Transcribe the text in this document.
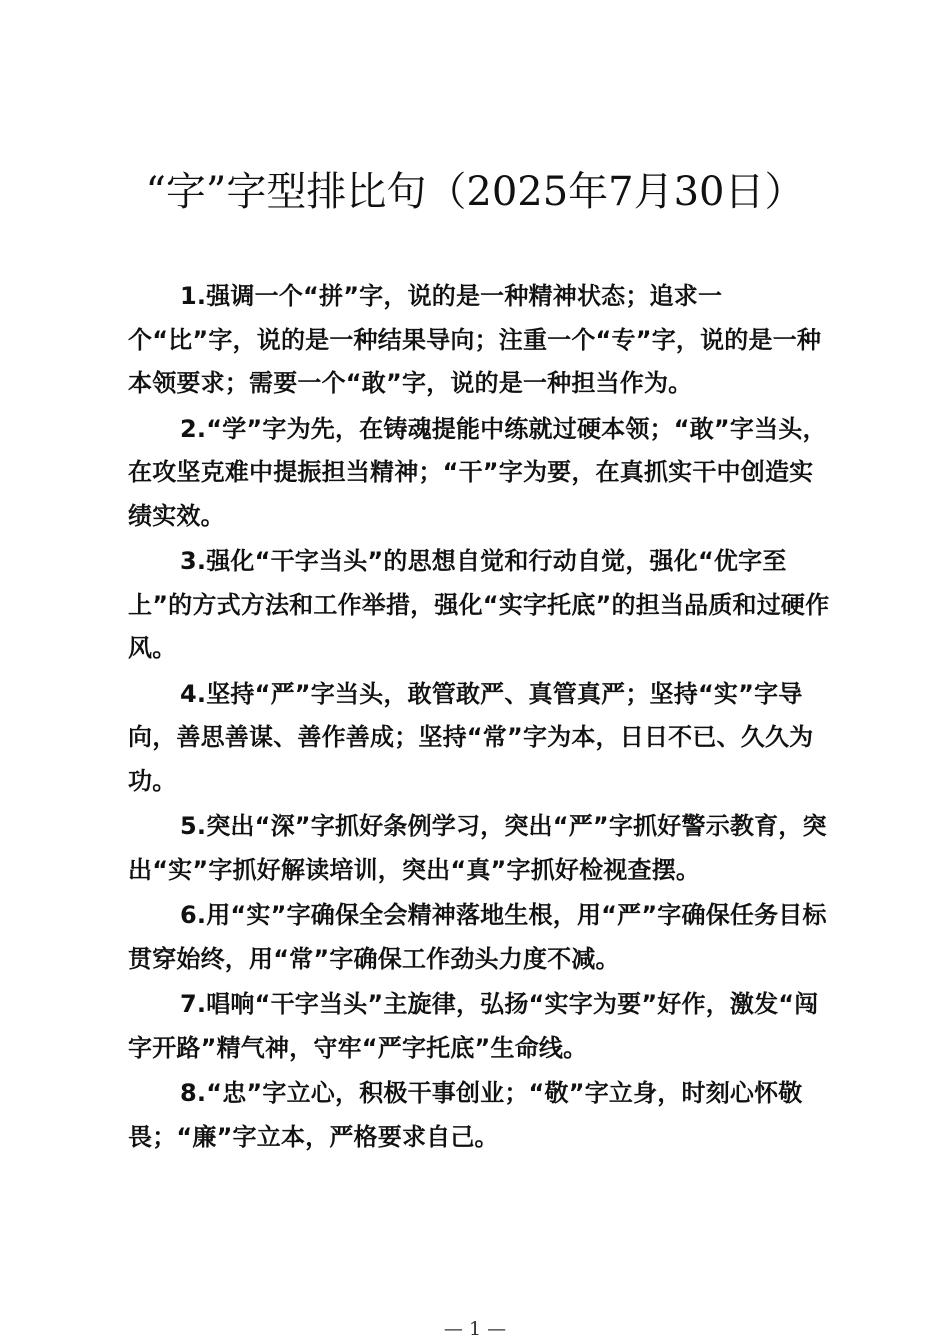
“字”字型排比句（2025年7月30日）

1.强调一个“拼”字，说的是一种精神状态；追求一个“比”字，说的是一种结果导向；注重一个“专”字，说的是一种本领要求；需要一个“敢”字，说的是一种担当作为。

2.“学”字为先，在铸魂提能中练就过硬本领；“敢”字当头，在攻坚克难中提振担当精神；“干”字为要，在真抓实干中创造实绩实效。

3.强化“干字当头”的思想自觉和行动自觉，强化“优字至上”的方式方法和工作举措，强化“实字托底”的担当品质和过硬作风。

4.坚持“严”字当头，敢管敢严、真管真严；坚持“实”字导向，善思善谋、善作善成；坚持“常”字为本，日日不已、久久为功。

5.突出“深”字抓好条例学习，突出“严”字抓好警示教育，突出“实”字抓好解读培训，突出“真”字抓好检视查摆。

6.用“实”字确保全会精神落地生根，用“严”字确保任务目标贯穿始终，用“常”字确保工作劲头力度不减。

7.唱响“干字当头”主旋律，弘扬“实字为要”好作，激发“闯字开路”精气神，守牢“严字托底”生命线。

8.“忠”字立心，积极干事创业；“敬”字立身，时刻心怀敬畏；“廉”字立本，严格要求自己。

— 1 —
